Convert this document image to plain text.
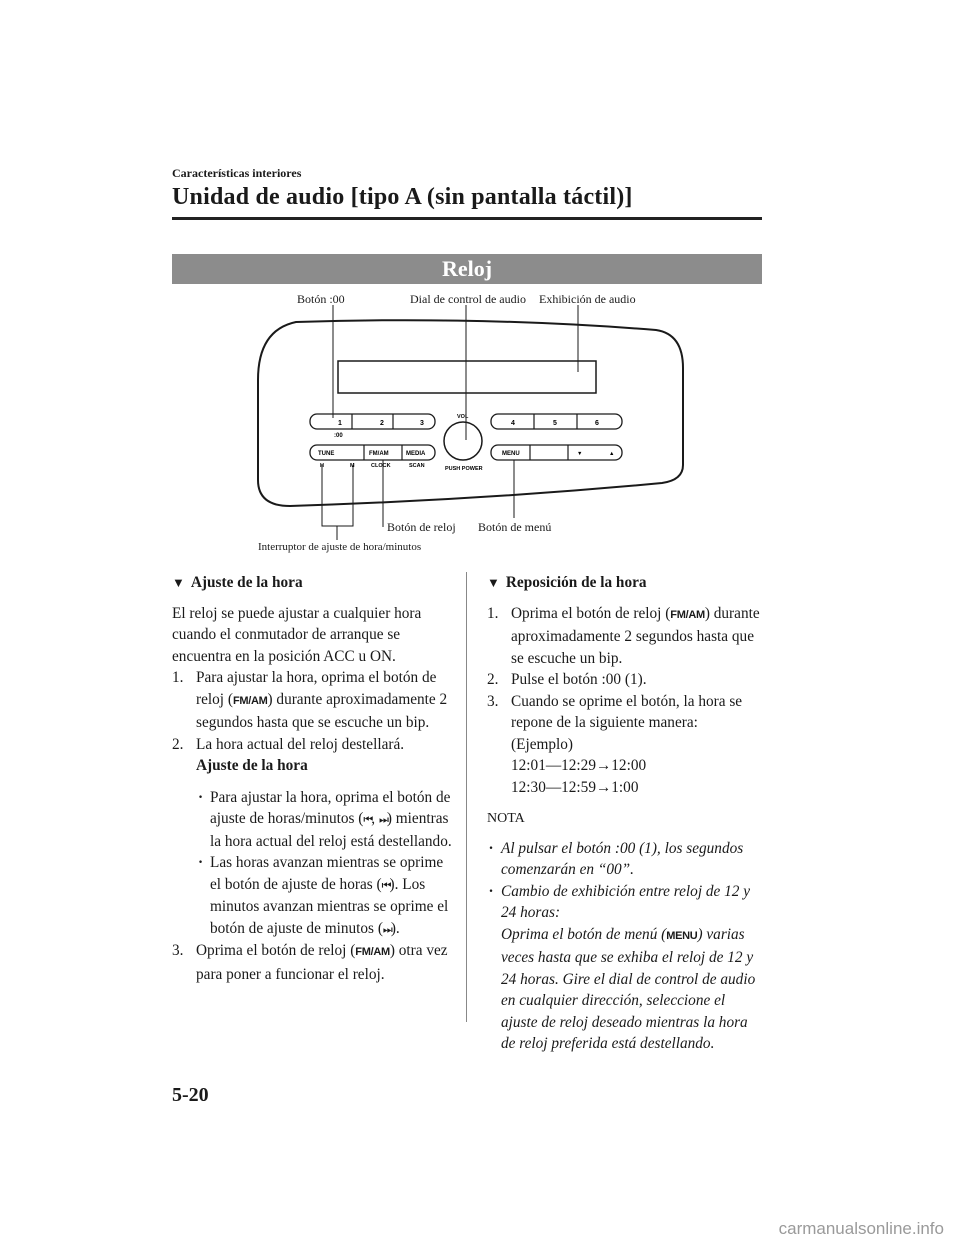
Características interiores
Unidad de audio [tipo A (sin pantalla táctil)]
Reloj
Botón :00	Dial de control de audio Exhibición de audio
Botón de reloj Botón de menú
Interruptor de ajuste de hora/minutos
1	2	3
:00
4	5	6
TUNE	FM/AM	MEDIA
H	M	CLOCK	SCAN
MENU	▼	▲
VOL
PUSH POWER
▼ Ajuste de la hora
El reloj se puede ajustar a cualquier hora cuando el conmutador de arranque se encuentra en la posición ACC u ON.
1. Para ajustar la hora, oprima el botón de reloj (FM/AM) durante aproximadamente 2 segundos hasta que se escuche un bip.
2. La hora actual del reloj destellará.
Ajuste de la hora
· Para ajustar la hora, oprima el botón de ajuste de horas/minutos (⏮, ⏭) mientras la hora actual del reloj está destellando.
· Las horas avanzan mientras se oprime el botón de ajuste de horas (⏮). Los minutos avanzan mientras se oprime el botón de ajuste de minutos (⏭).
3. Oprima el botón de reloj (FM/AM) otra vez para poner a funcionar el reloj.
▼ Reposición de la hora
1. Oprima el botón de reloj (FM/AM) durante aproximadamente 2 segundos hasta que se escuche un bip.
2. Pulse el botón :00 (1).
3. Cuando se oprime el botón, la hora se repone de la siguiente manera:
(Ejemplo)
12:01―12:29→12:00
12:30―12:59→1:00
NOTA
· Al pulsar el botón :00 (1), los segundos comenzarán en “00”.
· Cambio de exhibición entre reloj de 12 y 24 horas:
Oprima el botón de menú (MENU) varias veces hasta que se exhiba el reloj de 12 y 24 horas. Gire el dial de control de audio en cualquier dirección, seleccione el ajuste de reloj deseado mientras la hora de reloj preferida está destellando.
5-20
carmanualsonline.info
